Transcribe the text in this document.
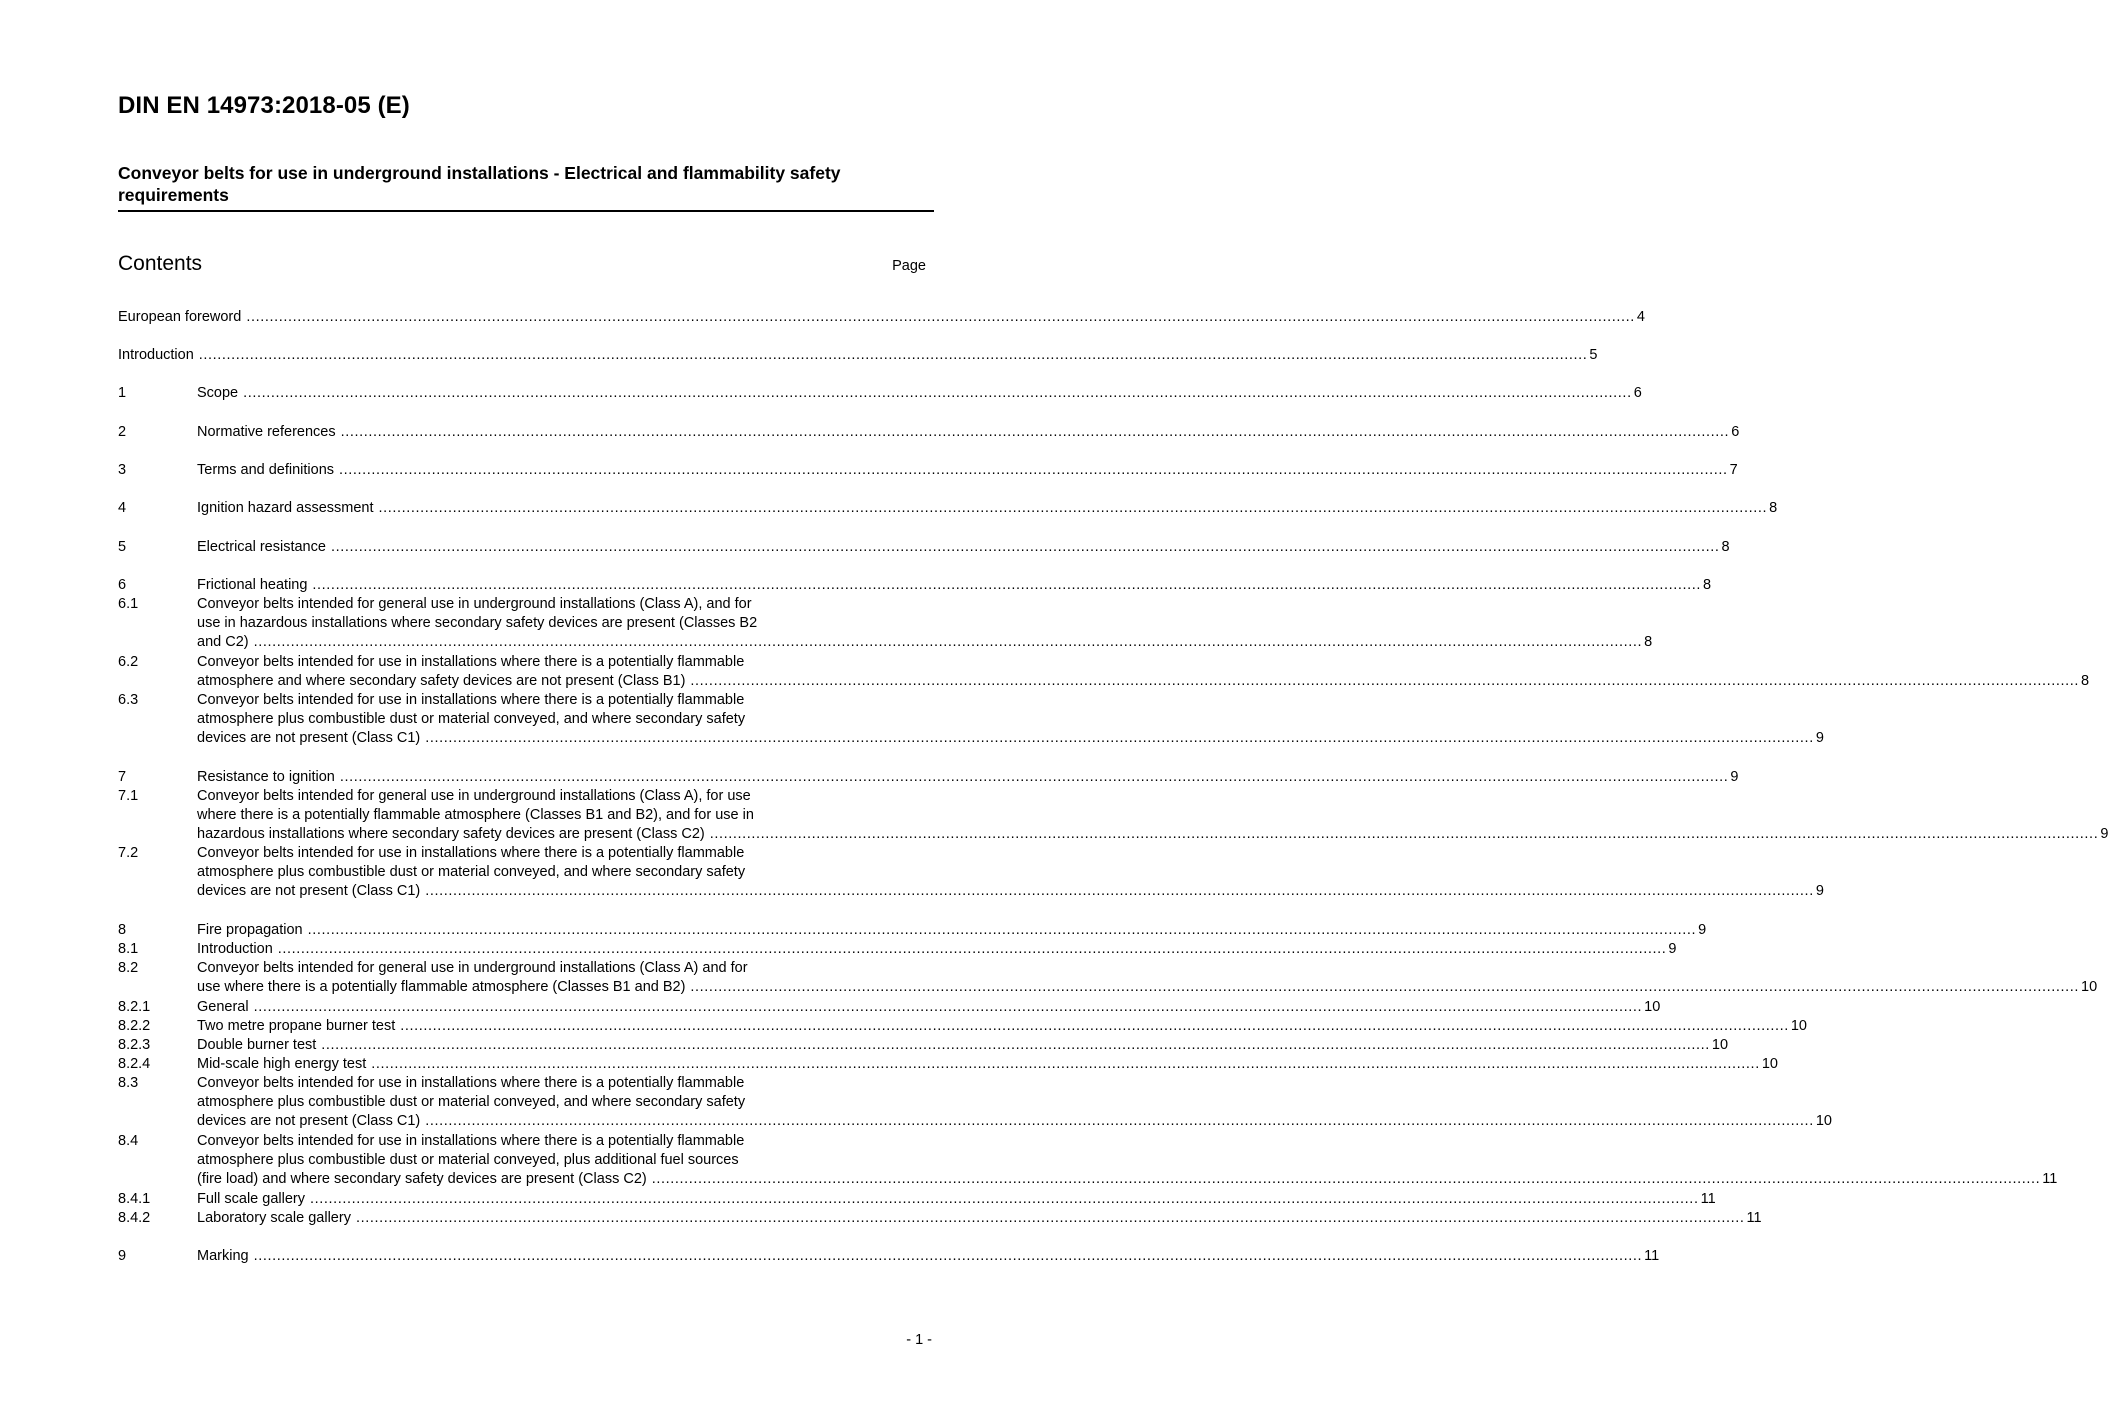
DIN EN 14973:2018-05 (E)
Conveyor belts for use in underground installations - Electrical and flammability safety requirements
Contents	Page
European foreword ............................................................................................................................................................................................................................................................................................................ 4
Introduction ............................................................................................................................................................................................................................................................................................................ 5
1	Scope ............................................................................................................................................................................................................................................................................................................ 6
2	Normative references ............................................................................................................................................................................................................................................................................................................ 6
3	Terms and definitions ............................................................................................................................................................................................................................................................................................................ 7
4	Ignition hazard assessment ............................................................................................................................................................................................................................................................................................................ 8
5	Electrical resistance ............................................................................................................................................................................................................................................................................................................ 8
6	Frictional heating ............................................................................................................................................................................................................................................................................................................ 8
6.1	Conveyor belts intended for general use in underground installations (Class A), and for
use in hazardous installations where secondary safety devices are present (Classes B2
and C2) ............................................................................................................................................................................................................................................................................................................ 8
6.2	Conveyor belts intended for use in installations where there is a potentially flammable
atmosphere and where secondary safety devices are not present (Class B1) ............................................................................................................................................................................................................................................................................................................ 8
6.3	Conveyor belts intended for use in installations where there is a potentially flammable
atmosphere plus combustible dust or material conveyed, and where secondary safety
devices are not present (Class C1) ............................................................................................................................................................................................................................................................................................................ 9
7	Resistance to ignition ............................................................................................................................................................................................................................................................................................................ 9
7.1	Conveyor belts intended for general use in underground installations (Class A), for use
where there is a potentially flammable atmosphere (Classes B1 and B2), and for use in
hazardous installations where secondary safety devices are present (Class C2) ............................................................................................................................................................................................................................................................................................................ 9
7.2	Conveyor belts intended for use in installations where there is a potentially flammable
atmosphere plus combustible dust or material conveyed, and where secondary safety
devices are not present (Class C1) ............................................................................................................................................................................................................................................................................................................ 9
8	Fire propagation ............................................................................................................................................................................................................................................................................................................ 9
8.1	Introduction ............................................................................................................................................................................................................................................................................................................ 9
8.2	Conveyor belts intended for general use in underground installations (Class A) and for
use where there is a potentially flammable atmosphere (Classes B1 and B2) ............................................................................................................................................................................................................................................................................................................ 10
8.2.1	General ............................................................................................................................................................................................................................................................................................................ 10
8.2.2	Two metre propane burner test ............................................................................................................................................................................................................................................................................................................ 10
8.2.3	Double burner test ............................................................................................................................................................................................................................................................................................................ 10
8.2.4	Mid-scale high energy test ............................................................................................................................................................................................................................................................................................................ 10
8.3	Conveyor belts intended for use in installations where there is a potentially flammable
atmosphere plus combustible dust or material conveyed, and where secondary safety
devices are not present (Class C1) ............................................................................................................................................................................................................................................................................................................ 10
8.4	Conveyor belts intended for use in installations where there is a potentially flammable
atmosphere plus combustible dust or material conveyed, plus additional fuel sources
(fire load) and where secondary safety devices are present (Class C2) ............................................................................................................................................................................................................................................................................................................ 11
8.4.1	Full scale gallery ............................................................................................................................................................................................................................................................................................................ 11
8.4.2	Laboratory scale gallery ............................................................................................................................................................................................................................................................................................................ 11
9	Marking ............................................................................................................................................................................................................................................................................................................ 11
- 1 -
